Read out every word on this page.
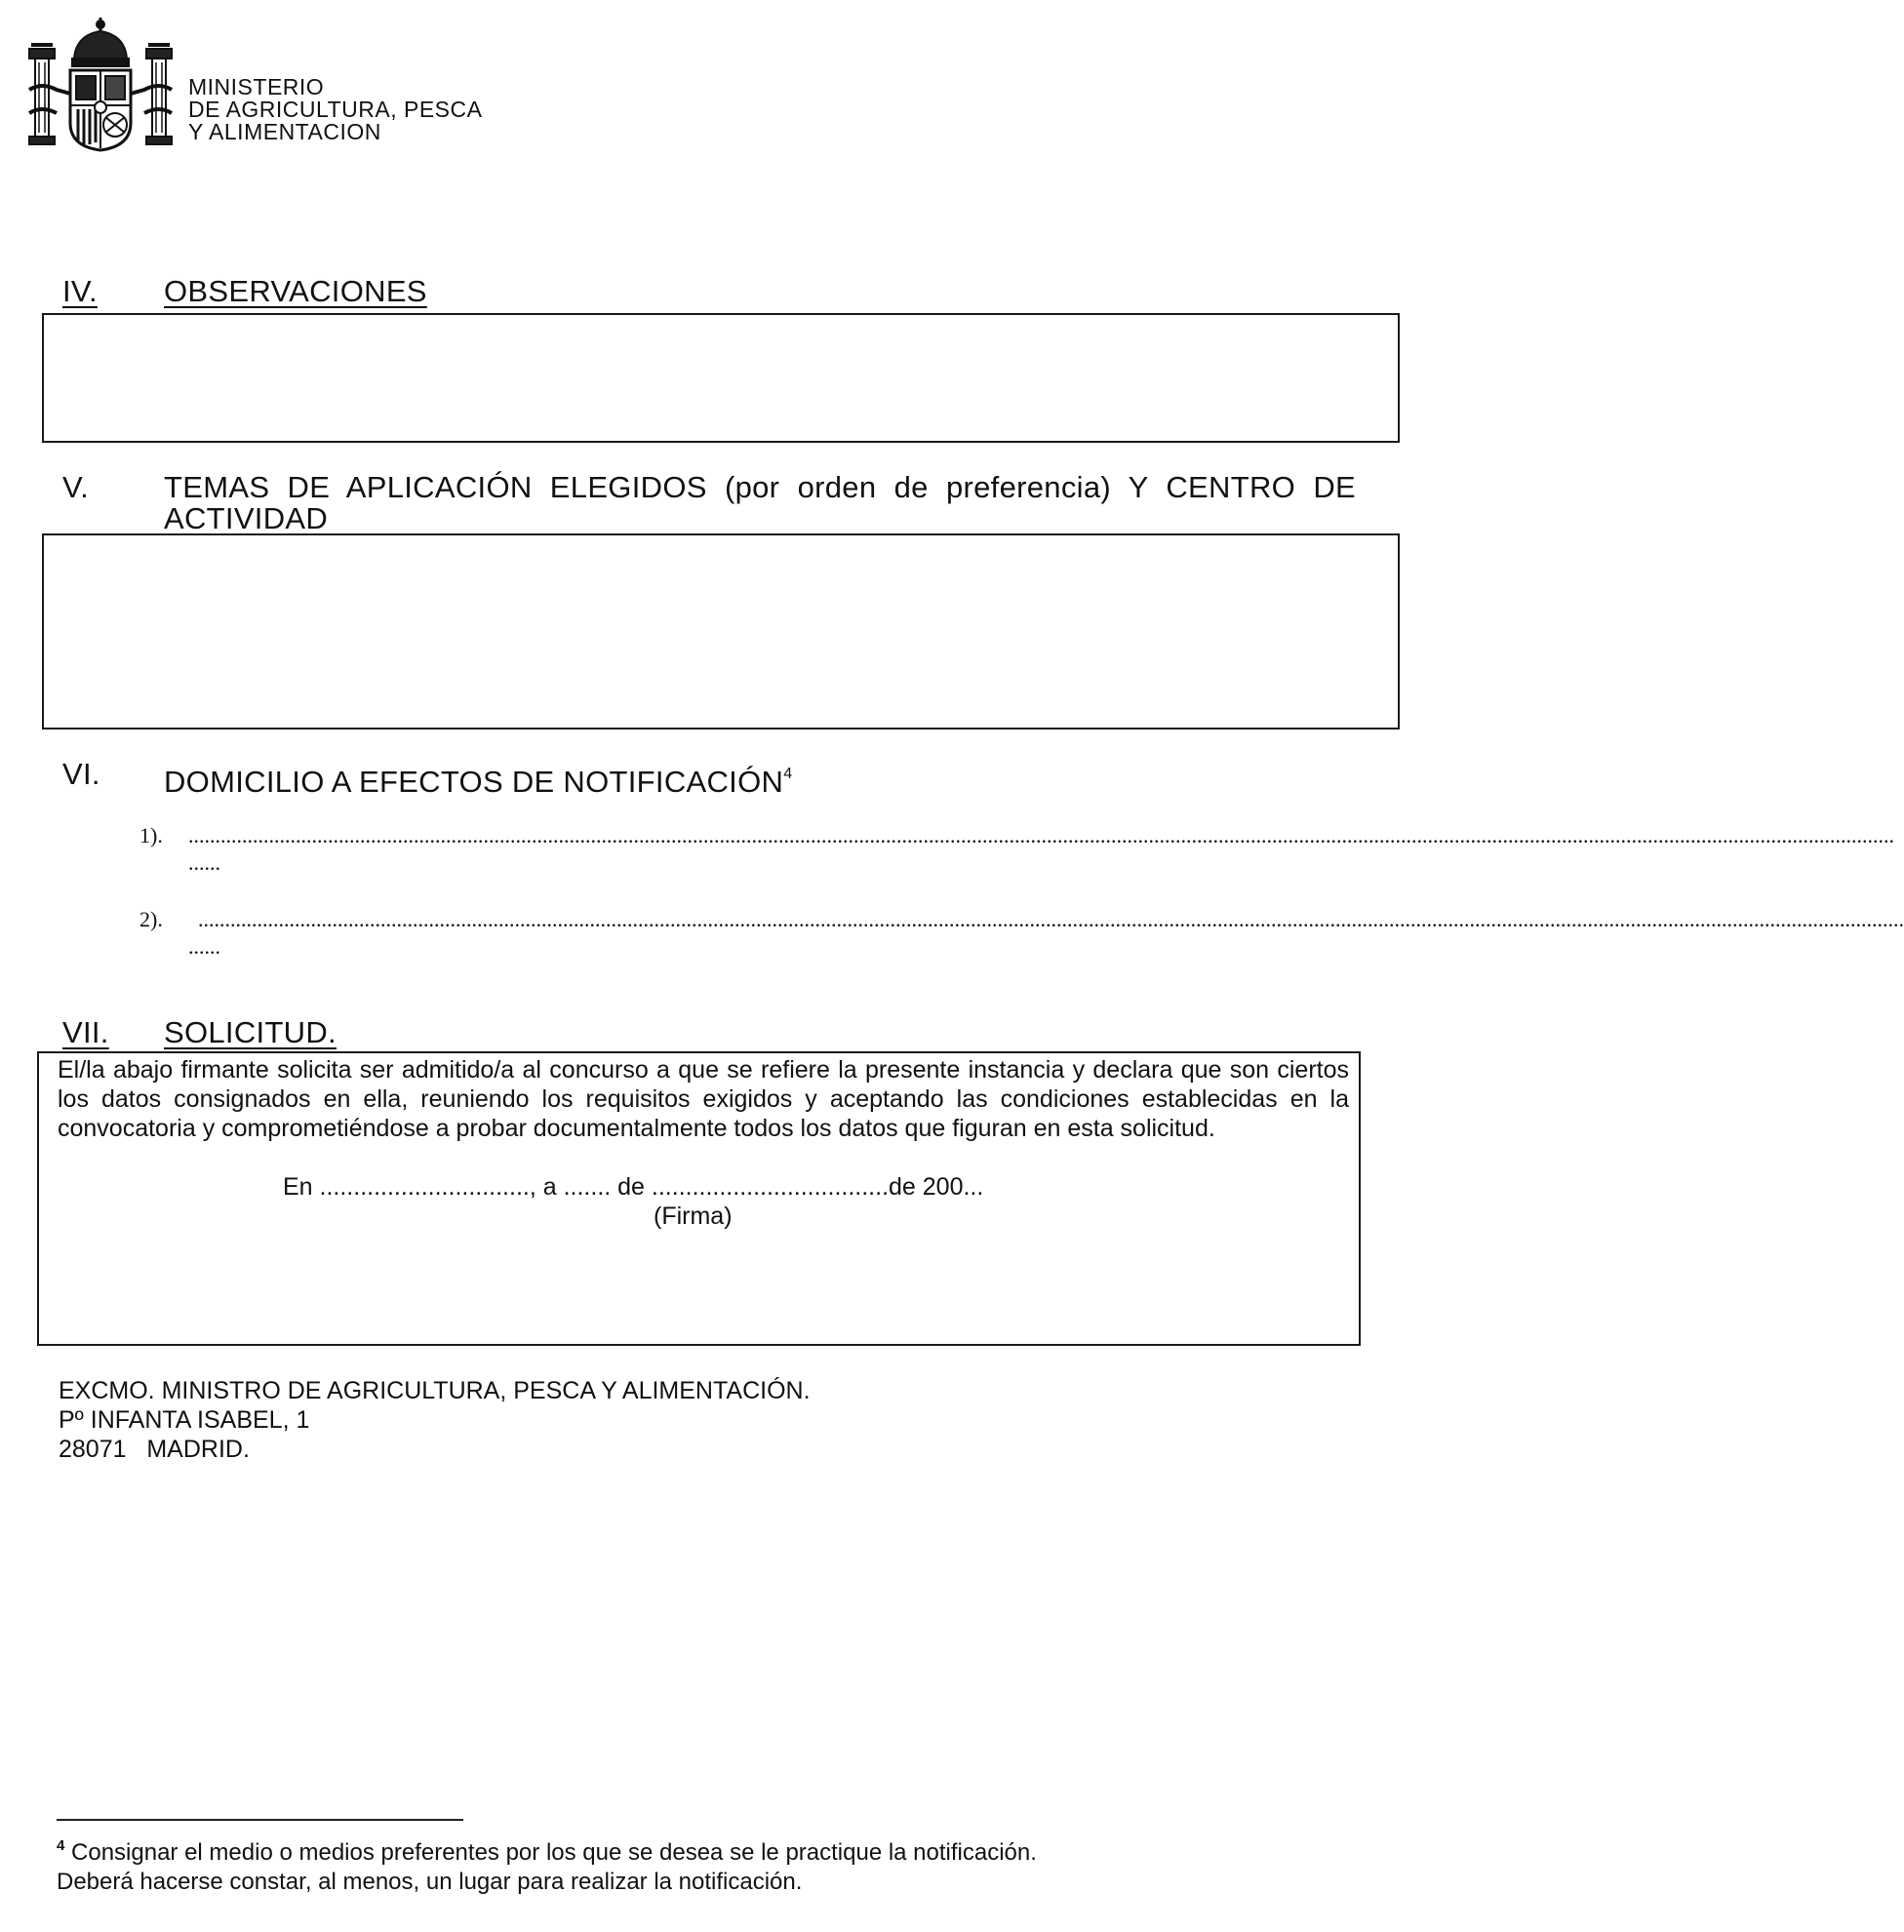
MINISTERIO
DE AGRICULTURA, PESCA
Y ALIMENTACION
IV. OBSERVACIONES
V. TEMAS DE APLICACIÓN ELEGIDOS (por orden de preferencia) Y CENTRO DE ACTIVIDAD
VI. DOMICILIO A EFECTOS DE NOTIFICACIÓN$^4$
1). ..............................................................................................................................................................................................................................................................................................................................
......
2). ..............................................................................................................................................................................................................................................................................................................................
......
VII. SOLICITUD.
El/la abajo firmante solicita ser admitido/a al concurso a que se refiere la presente instancia y declara que son ciertos los datos consignados en ella, reuniendo los requisitos exigidos y aceptando las condiciones establecidas en la convocatoria y comprometiéndose a probar documentalmente todos los datos que figuran en esta solicitud.
En ..............................., a ....... de ...................................de 200...
(Firma)
EXCMO. MINISTRO DE AGRICULTURA, PESCA Y ALIMENTACIÓN.
Pº INFANTA ISABEL, 1
28071   MADRID.
$^4$ Consignar el medio o medios preferentes por los que se desea se le practique la notificación.
Deberá hacerse constar, al menos, un lugar para realizar la notificación.
